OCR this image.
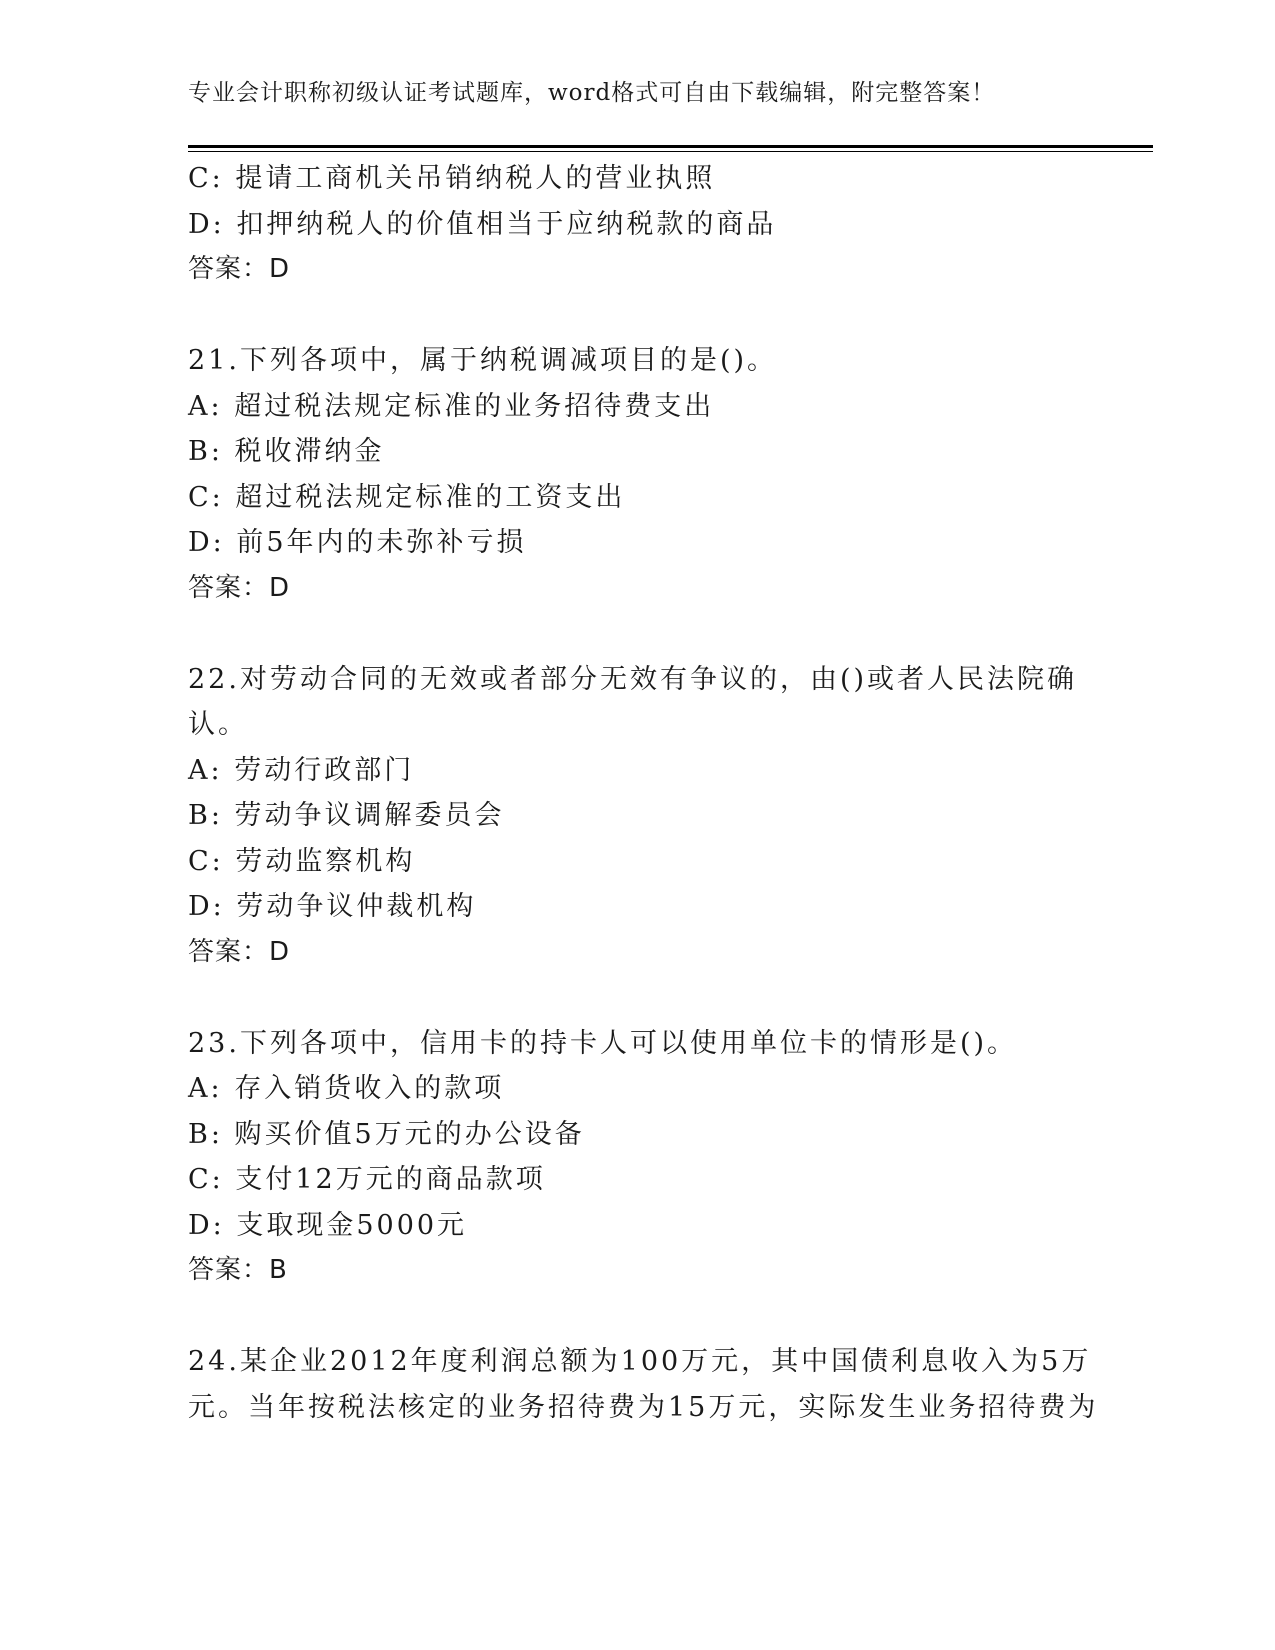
专业会计职称初级认证考试题库，word格式可自由下载编辑，附完整答案！
C: 提请工商机关吊销纳税人的营业执照
D: 扣押纳税人的价值相当于应纳税款的商品
答案：D
21.下列各项中，属于纳税调减项目的是()。
A: 超过税法规定标准的业务招待费支出
B: 税收滞纳金
C: 超过税法规定标准的工资支出
D: 前5年内的未弥补亏损
答案：D
22.对劳动合同的无效或者部分无效有争议的，由()或者人民法院确
认。
A: 劳动行政部门
B: 劳动争议调解委员会
C: 劳动监察机构
D: 劳动争议仲裁机构
答案：D
23.下列各项中，信用卡的持卡人可以使用单位卡的情形是()。
A: 存入销货收入的款项
B: 购买价值5万元的办公设备
C: 支付12万元的商品款项
D: 支取现金5000元
答案：B
24.某企业2012年度利润总额为100万元，其中国债利息收入为5万
元。当年按税法核定的业务招待费为15万元，实际发生业务招待费为
